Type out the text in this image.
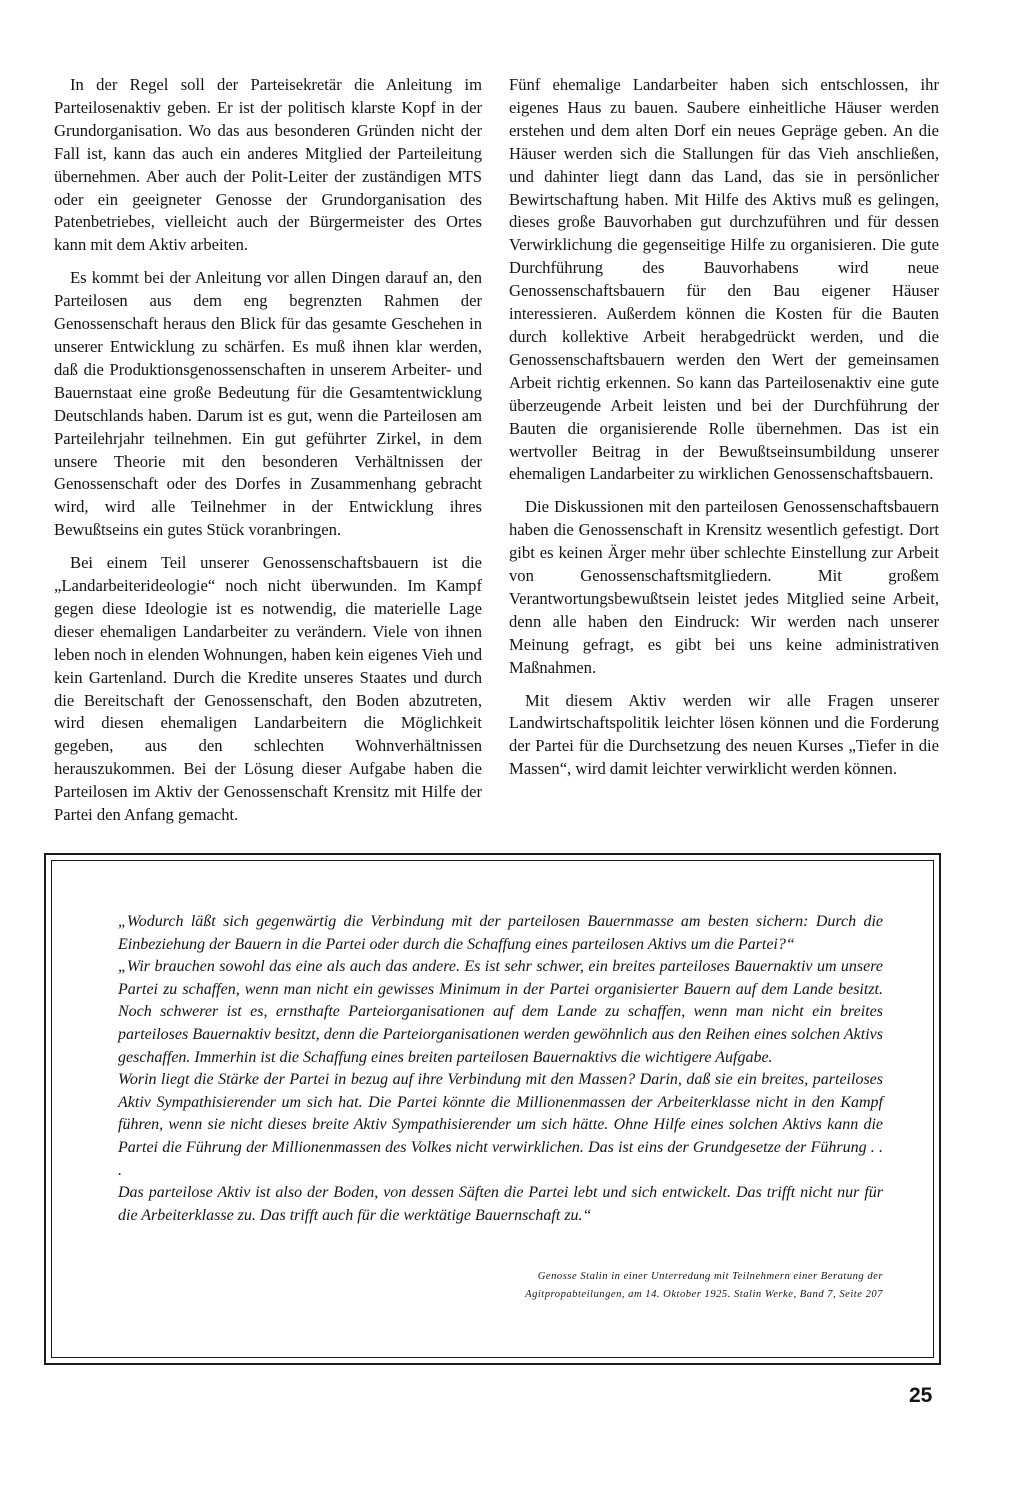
In der Regel soll der Parteisekretär die Anleitung im Parteilosenaktiv geben. Er ist der politisch klarste Kopf in der Grundorganisation. Wo das aus besonderen Gründen nicht der Fall ist, kann das auch ein anderes Mitglied der Parteileitung übernehmen. Aber auch der Polit-Leiter der zuständigen MTS oder ein geeigneter Genosse der Grundorganisation des Patenbetriebes, vielleicht auch der Bürgermeister des Ortes kann mit dem Aktiv arbeiten.

Es kommt bei der Anleitung vor allen Dingen darauf an, den Parteilosen aus dem eng begrenzten Rahmen der Genossenschaft heraus den Blick für das gesamte Geschehen in unserer Entwicklung zu schärfen. Es muß ihnen klar werden, daß die Produktionsgenossenschaften in unserem Arbeiter- und Bauernstaat eine große Bedeutung für die Gesamtentwicklung Deutschlands haben. Darum ist es gut, wenn die Parteilosen am Parteilehrjahr teilnehmen. Ein gut geführter Zirkel, in dem unsere Theorie mit den besonderen Verhältnissen der Genossenschaft oder des Dorfes in Zusammenhang gebracht wird, wird alle Teilnehmer in der Entwicklung ihres Bewußtseins ein gutes Stück voranbringen.

Bei einem Teil unserer Genossenschaftsbauern ist die „Landarbeiterideologie“ noch nicht überwunden. Im Kampf gegen diese Ideologie ist es notwendig, die materielle Lage dieser ehemaligen Landarbeiter zu verändern. Viele von ihnen leben noch in elenden Wohnungen, haben kein eigenes Vieh und kein Gartenland. Durch die Kredite unseres Staates und durch die Bereitschaft der Genossenschaft, den Boden abzutreten, wird diesen ehemaligen Landarbeitern die Möglichkeit gegeben, aus den schlechten Wohnverhältnissen herauszukommen. Bei der Lösung dieser Aufgabe haben die Parteilosen im Aktiv der Genossenschaft Krensitz mit Hilfe der Partei den Anfang gemacht.

Fünf ehemalige Landarbeiter haben sich entschlossen, ihr eigenes Haus zu bauen. Saubere einheitliche Häuser werden erstehen und dem alten Dorf ein neues Gepräge geben. An die Häuser werden sich die Stallungen für das Vieh anschließen, und dahinter liegt dann das Land, das sie in persönlicher Bewirtschaftung haben. Mit Hilfe des Aktivs muß es gelingen, dieses große Bauvorhaben gut durchzuführen und für dessen Verwirklichung die gegenseitige Hilfe zu organisieren. Die gute Durchführung des Bauvorhabens wird neue Genossenschaftsbauern für den Bau eigener Häuser interessieren. Außerdem können die Kosten für die Bauten durch kollektive Arbeit herabgedrückt werden, und die Genossenschaftsbauern werden den Wert der gemeinsamen Arbeit richtig erkennen. So kann das Parteilosenaktiv eine gute überzeugende Arbeit leisten und bei der Durchführung der Bauten die organisierende Rolle übernehmen. Das ist ein wertvoller Beitrag in der Bewußtseinsumbildung unserer ehemaligen Landarbeiter zu wirklichen Genossenschaftsbauern.

Die Diskussionen mit den parteilosen Genossenschaftsbauern haben die Genossenschaft in Krensitz wesentlich gefestigt. Dort gibt es keinen Ärger mehr über schlechte Einstellung zur Arbeit von Genossenschaftsmitgliedern. Mit großem Verantwortungsbewußtsein leistet jedes Mitglied seine Arbeit, denn alle haben den Eindruck: Wir werden nach unserer Meinung gefragt, es gibt bei uns keine administrativen Maßnahmen.

Mit diesem Aktiv werden wir alle Fragen unserer Landwirtschaftspolitik leichter lösen können und die Forderung der Partei für die Durchsetzung des neuen Kurses „Tiefer in die Massen“, wird damit leichter verwirklicht werden können.

„Wodurch läßt sich gegenwärtig die Verbindung mit der parteilosen Bauernmasse am besten sichern: Durch die Einbeziehung der Bauern in die Partei oder durch die Schaffung eines parteilosen Aktivs um die Partei?“

„Wir brauchen sowohl das eine als auch das andere. Es ist sehr schwer, ein breites parteiloses Bauernaktiv um unsere Partei zu schaffen, wenn man nicht ein gewisses Minimum in der Partei organisierter Bauern auf dem Lande besitzt. Noch schwerer ist es, ernsthafte Parteiorganisationen auf dem Lande zu schaffen, wenn man nicht ein breites parteiloses Bauernaktiv besitzt, denn die Parteiorganisationen werden gewöhnlich aus den Reihen eines solchen Aktivs geschaffen. Immerhin ist die Schaffung eines breiten parteilosen Bauernaktivs die wichtigere Aufgabe.

Worin liegt die Stärke der Partei in bezug auf ihre Verbindung mit den Massen? Darin, daß sie ein breites, parteiloses Aktiv Sympathisierender um sich hat. Die Partei könnte die Millionenmassen der Arbeiterklasse nicht in den Kampf führen, wenn sie nicht dieses breite Aktiv Sympathisierender um sich hätte. Ohne Hilfe eines solchen Aktivs kann die Partei die Führung der Millionenmassen des Volkes nicht verwirklichen. Das ist eins der Grundgesetze der Führung . . .

Das parteilose Aktiv ist also der Boden, von dessen Säften die Partei lebt und sich entwickelt. Das trifft nicht nur für die Arbeiterklasse zu. Das trifft auch für die werktätige Bauernschaft zu.“

Genosse Stalin in einer Unterredung mit Teilnehmern einer Beratung der
Agitpropabteilungen, am 14. Oktober 1925. Stalin Werke, Band 7, Seite 207
25
